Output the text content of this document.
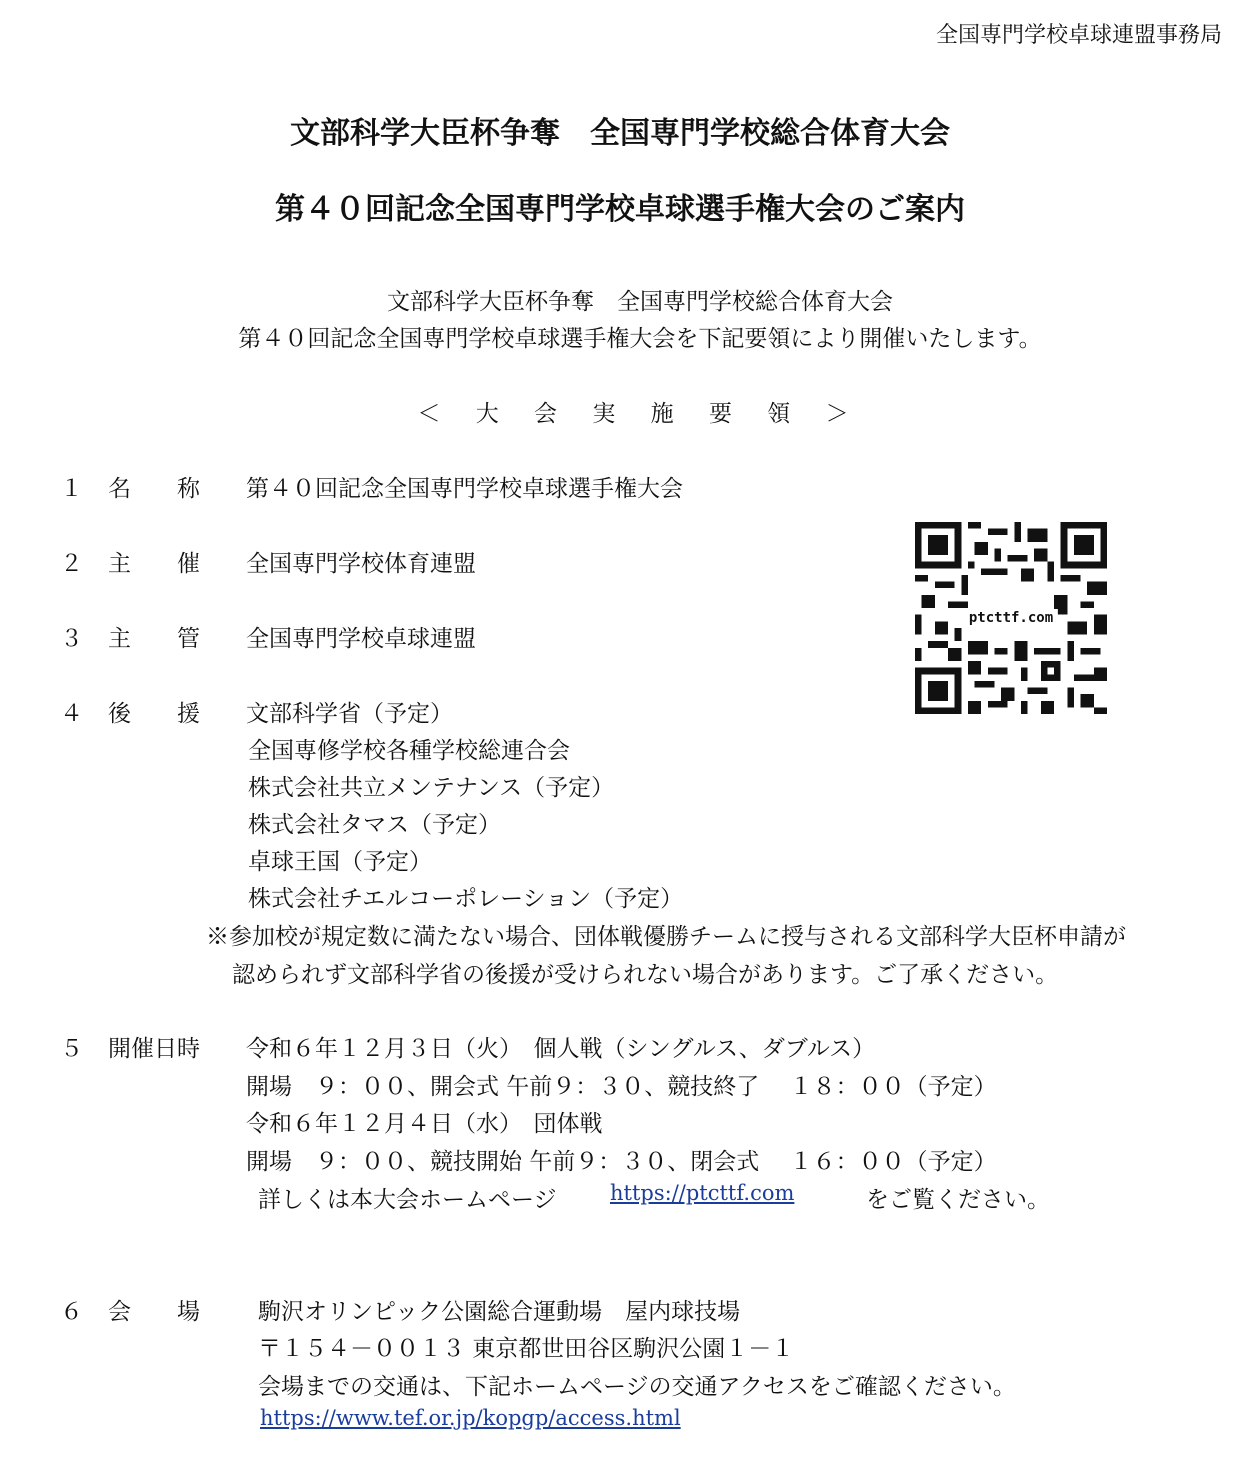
全国専門学校卓球連盟事務局
文部科学大臣杯争奪　全国専門学校総合体育大会
第４０回記念全国専門学校卓球選手権大会のご案内
文部科学大臣杯争奪　全国専門学校総合体育大会
第４０回記念全国専門学校卓球選手権大会を下記要領により開催いたします。
＜ 大 会 実 施 要 領 ＞
１ 名　　称 第４０回記念全国専門学校卓球選手権大会
２ 主　　催 全国専門学校体育連盟
３ 主　　管 全国専門学校卓球連盟
ptcttf.com
４ 後　　援 文部科学省（予定）
全国専修学校各種学校総連合会
株式会社共立メンテナンス（予定）
株式会社タマス（予定）
卓球王国（予定）
株式会社チエルコーポレーション（予定）
※参加校が規定数に満たない場合、団体戦優勝チームに授与される文部科学大臣杯申請が
認められず文部科学省の後援が受けられない場合があります。ご了承ください。
５ 開催日時 令和６年１２月３日（火）　個人戦（シングルス、ダブルス）
開場　９：００、開会式 午前９：３０、競技終了　 １８：００（予定）
令和６年１２月４日（水）　団体戦
開場　９：００、競技開始 午前９：３０、閉会式　 １６：００（予定）
詳しくは本大会ホームページ	https://ptcttf.com	をご覧ください。
６ 会　　場	駒沢オリンピック公園総合運動場　屋内球技場
〒１５４－００１３ 東京都世田谷区駒沢公園１－１
会場までの交通は、下記ホームページの交通アクセスをご確認ください。
https://www.tef.or.jp/kopgp/access.html
